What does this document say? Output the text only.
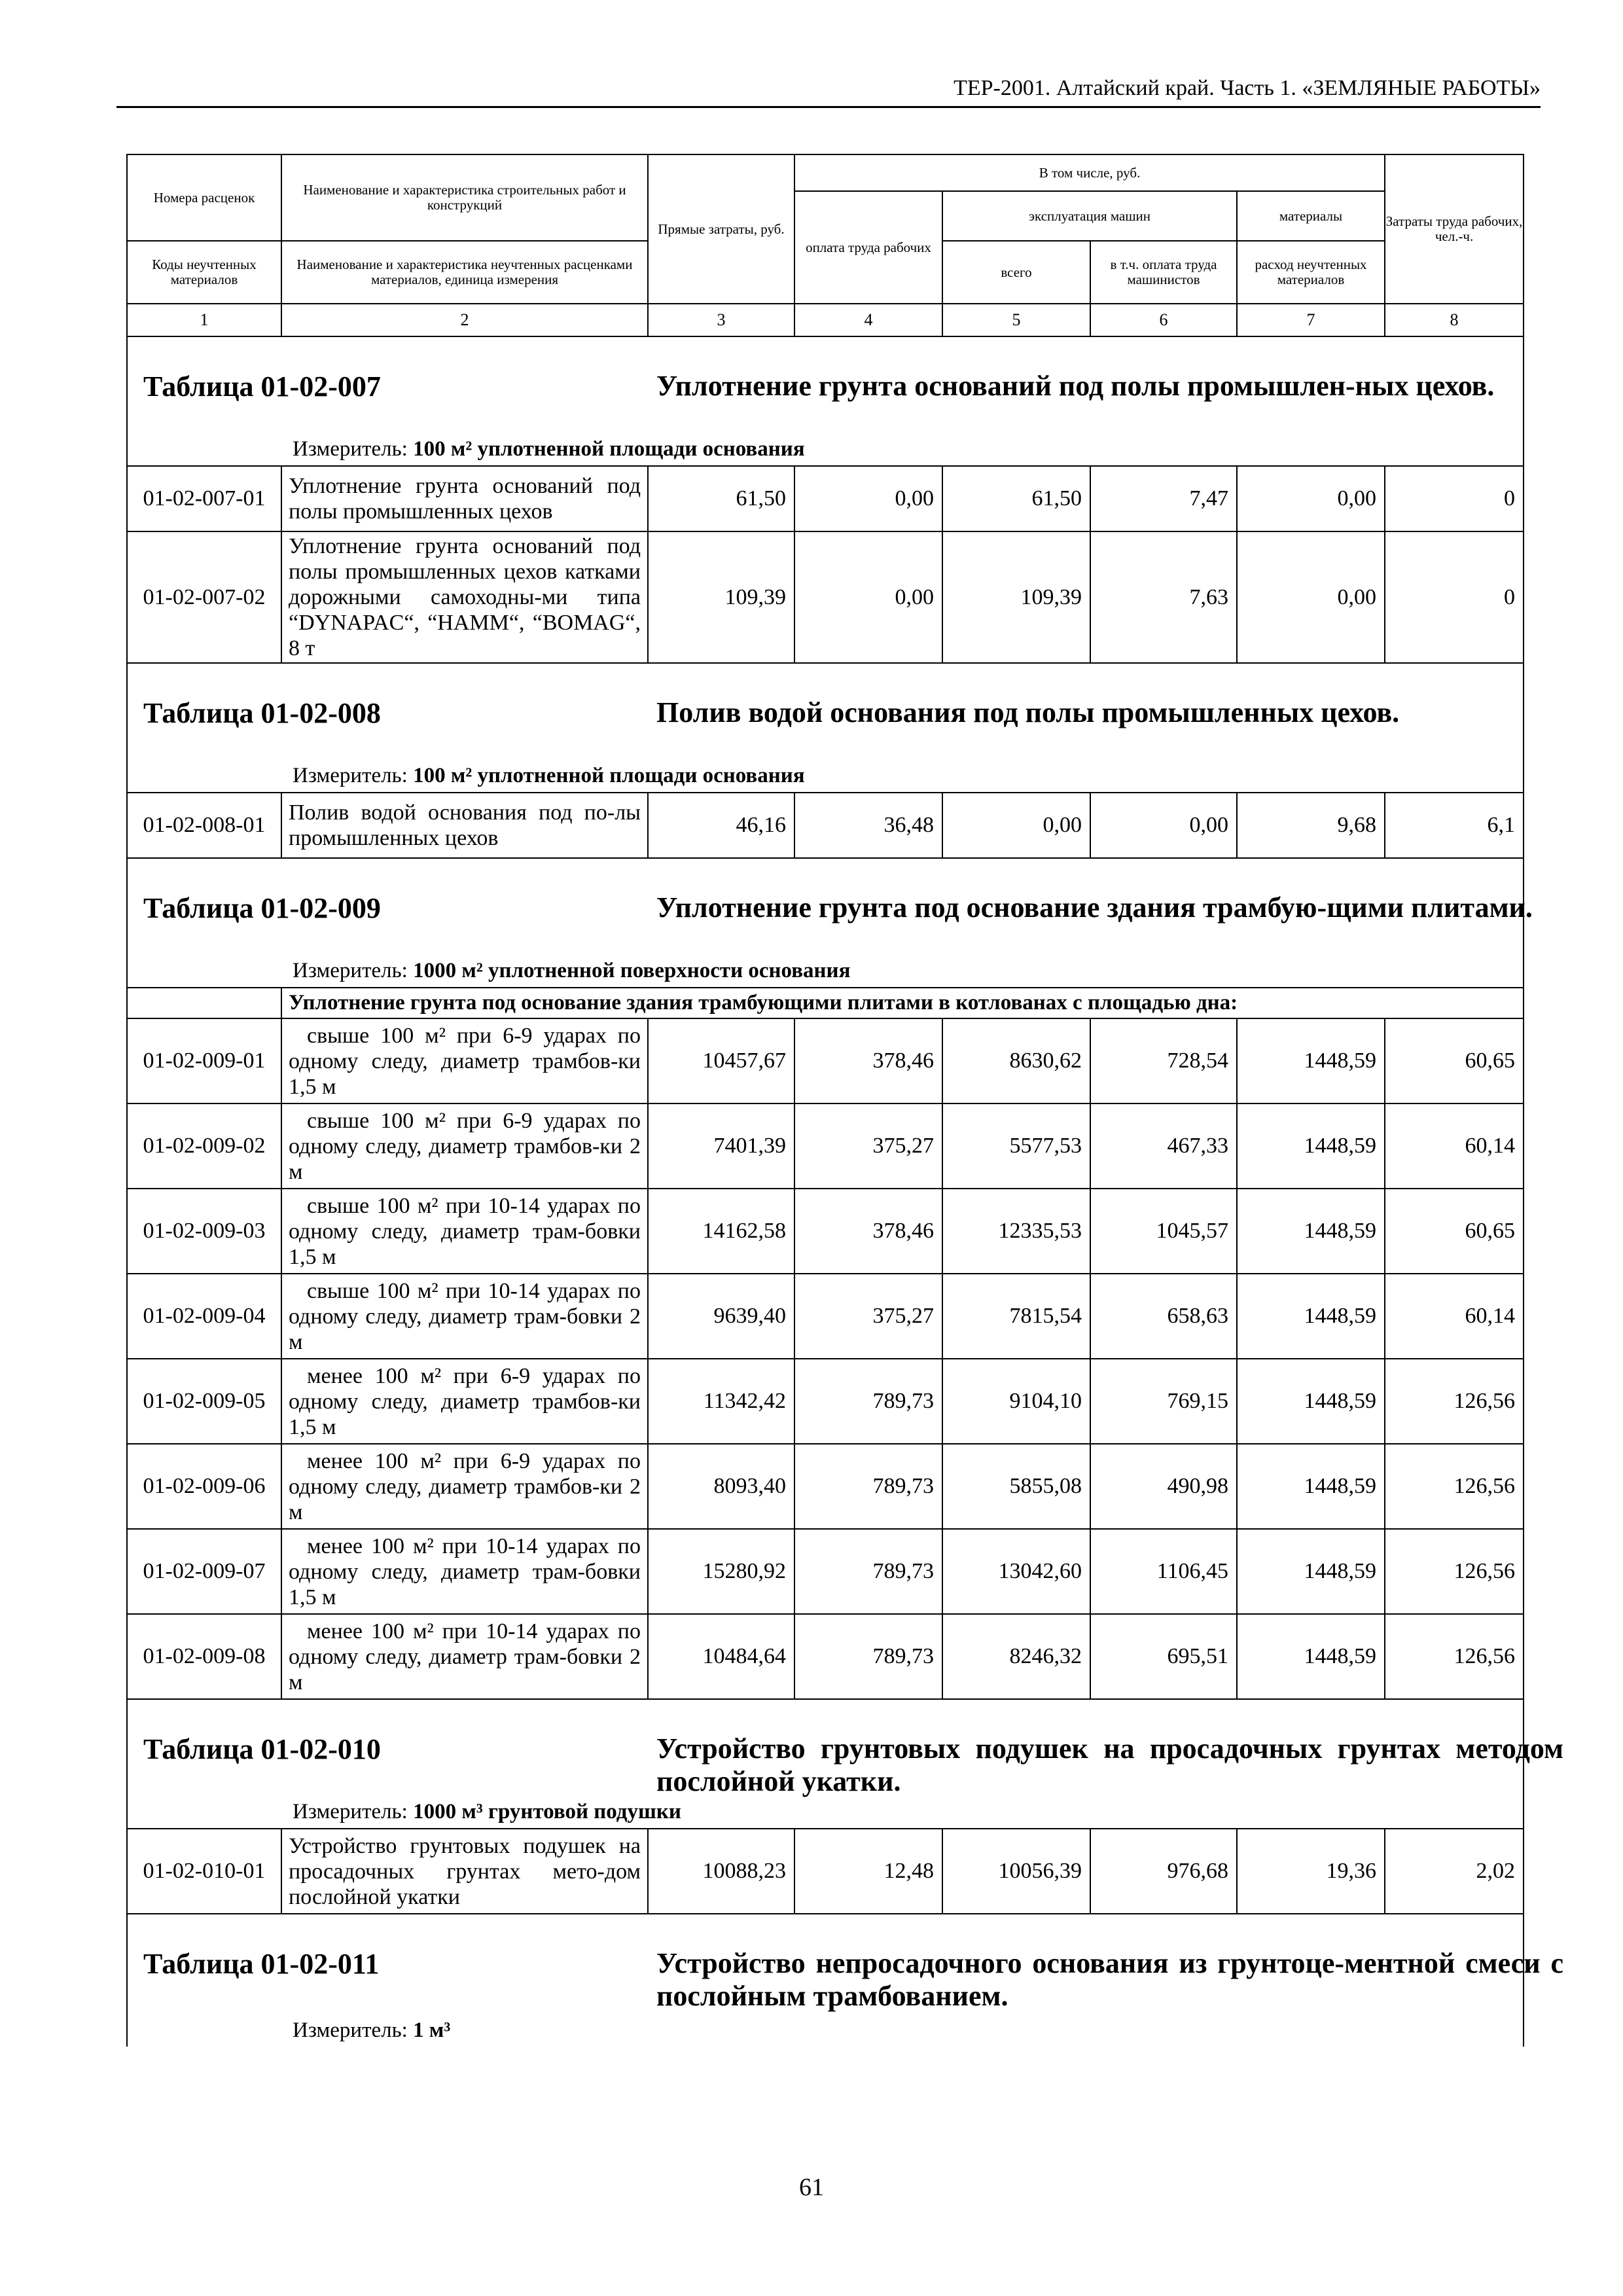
ТЕР-2001. Алтайский край. Часть 1. «ЗЕМЛЯНЫЕ РАБОТЫ»
Номера расценок	Наименование и характеристика строительных работ и конструкций	Прямые затраты, руб.	В том числе, руб.				Затраты труда рабочих, чел.-ч.
			оплата труда рабочих	эксплуатация машин		материалы	
Коды неучтенных материалов	Наименование и характеристика неучтенных расценками материалов, единица измерения			всего	в т.ч. оплата труда машинистов	расход неучтенных материалов	
1	2	3	4	5	6	7	8

Таблица 01-02-007 Уплотнение грунта оснований под полы промышлен-ных цехов.
Измеритель: 100 м² уплотненной площади основания							

01-02-007-01	Уплотнение грунта оснований под полы промышленных цехов	61,50	0,00	61,50	7,47	0,00	0
01-02-007-02	Уплотнение грунта оснований под полы промышленных цехов катками дорожными самоходны-ми типа “DYNAPAC“, “HAMM“, “BOMAG“, 8 т	109,39	0,00	109,39	7,63	0,00	0

Таблица 01-02-008 Полив водой основания под полы промышленных цехов.
Измеритель: 100 м² уплотненной площади основания							

01-02-008-01	Полив водой основания под по-лы промышленных цехов	46,16	36,48	0,00	0,00	9,68	6,1

Таблица 01-02-009 Уплотнение грунта под основание здания трамбую-щими плитами.
Измеритель: 1000 м² уплотненной поверхности основания							

	Уплотнение грунта под основание здания трамбующими плитами в котлованах с площадью дна:						
01-02-009-01	свыше 100 м² при 6-9 ударах по одному следу, диаметр трамбов-ки 1,5 м	10457,67	378,46	8630,62	728,54	1448,59	60,65
01-02-009-02	свыше 100 м² при 6-9 ударах по одному следу, диаметр трамбов-ки 2 м	7401,39	375,27	5577,53	467,33	1448,59	60,14
01-02-009-03	свыше 100 м² при 10-14 ударах по одному следу, диаметр трам-бовки 1,5 м	14162,58	378,46	12335,53	1045,57	1448,59	60,65
01-02-009-04	свыше 100 м² при 10-14 ударах по одному следу, диаметр трам-бовки 2 м	9639,40	375,27	7815,54	658,63	1448,59	60,14
01-02-009-05	менее 100 м² при 6-9 ударах по одному следу, диаметр трамбов-ки 1,5 м	11342,42	789,73	9104,10	769,15	1448,59	126,56
01-02-009-06	менее 100 м² при 6-9 ударах по одному следу, диаметр трамбов-ки 2 м	8093,40	789,73	5855,08	490,98	1448,59	126,56
01-02-009-07	менее 100 м² при 10-14 ударах по одному следу, диаметр трам-бовки 1,5 м	15280,92	789,73	13042,60	1106,45	1448,59	126,56
01-02-009-08	менее 100 м² при 10-14 ударах по одному следу, диаметр трам-бовки 2 м	10484,64	789,73	8246,32	695,51	1448,59	126,56

Таблица 01-02-010 Устройство грунтовых подушек на просадочных грунтах методом послойной укатки.
Измеритель: 1000 м³ грунтовой подушки							

01-02-010-01	Устройство грунтовых подушек на просадочных грунтах мето-дом послойной укатки	10088,23	12,48	10056,39	976,68	19,36	2,02

Таблица 01-02-011 Устройство непросадочного основания из грунтоце-ментной смеси с послойным трамбованием.
Измеритель: 1 м³							
61
